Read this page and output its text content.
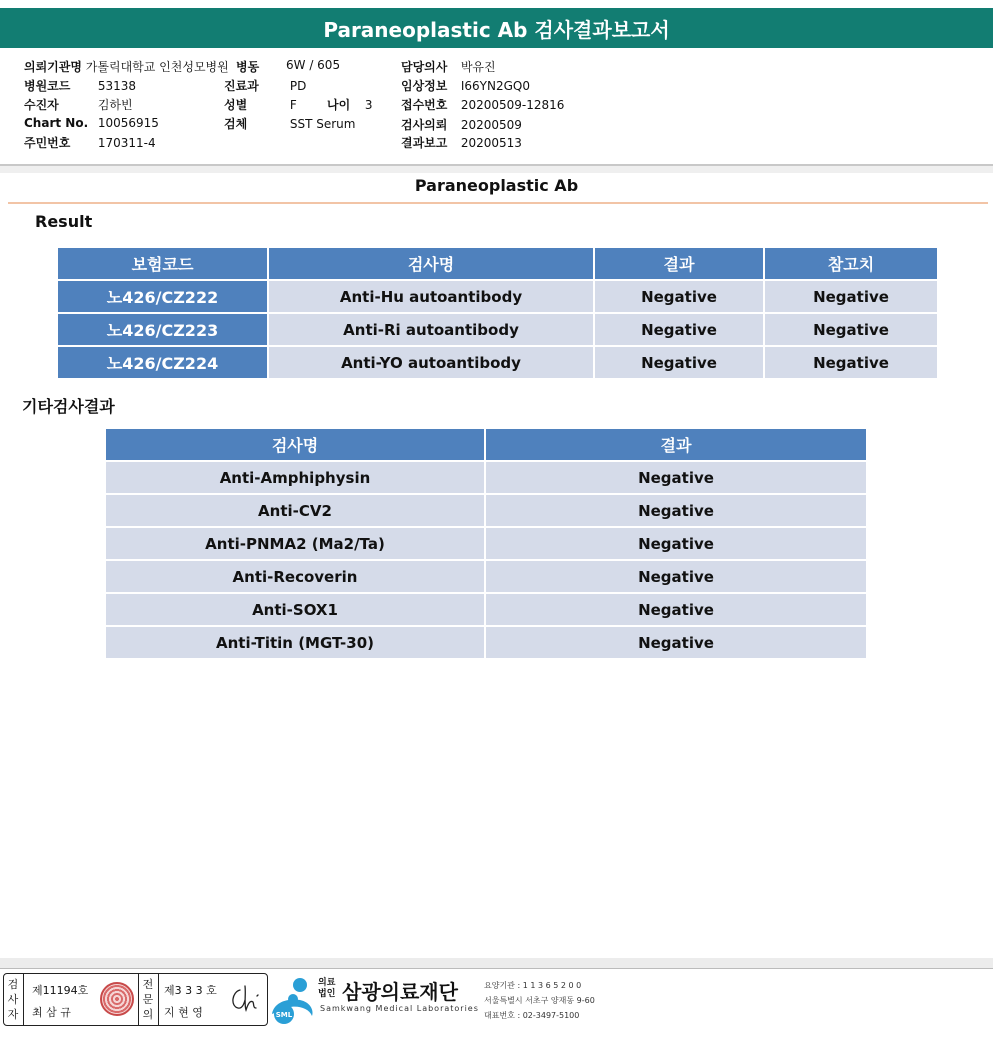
Paraneoplastic Ab 검사결과보고서
의뢰기관명 가톨릭대학교 인천성모병원 병동 6W / 605	담당의사 박유진
병원코드 53138	진료과	PD	임상정보 I66YN2GQ0
수진자	김하빈	성별	F	나이 3 접수번호 20200509-12816
Chart No. 10056915	검체	SST Serum	검사의뢰 20200509
주민번호 170311-4	결과보고 20200513
Paraneoplastic Ab
Result
보험코드	검사명	결과	참고치
노426/CZ222	Anti-Hu autoantibody	Negative	Negative
노426/CZ223	Anti-Ri autoantibody	Negative	Negative
노426/CZ224	Anti-YO autoantibody	Negative	Negative
기타검사결과
검사명	결과
Anti-Amphiphysin	Negative
Anti-CV2	Negative
Anti-PNMA2 (Ma2/Ta)	Negative
Anti-Recoverin	Negative
Anti-SOX1	Negative
Anti-Titin (MGT-30)	Negative
검
사
자
제11194호
최 삼 규
전
문
의
제3 3 3 호
지 현 영	SML
의료 법인 삼광의료재단
Samkwang Medical Laboratories
요양기관 : 1 1 3 6 5 2 0 0
서울특별시 서초구 양재동 9-60
대표번호 : 02-3497-5100
